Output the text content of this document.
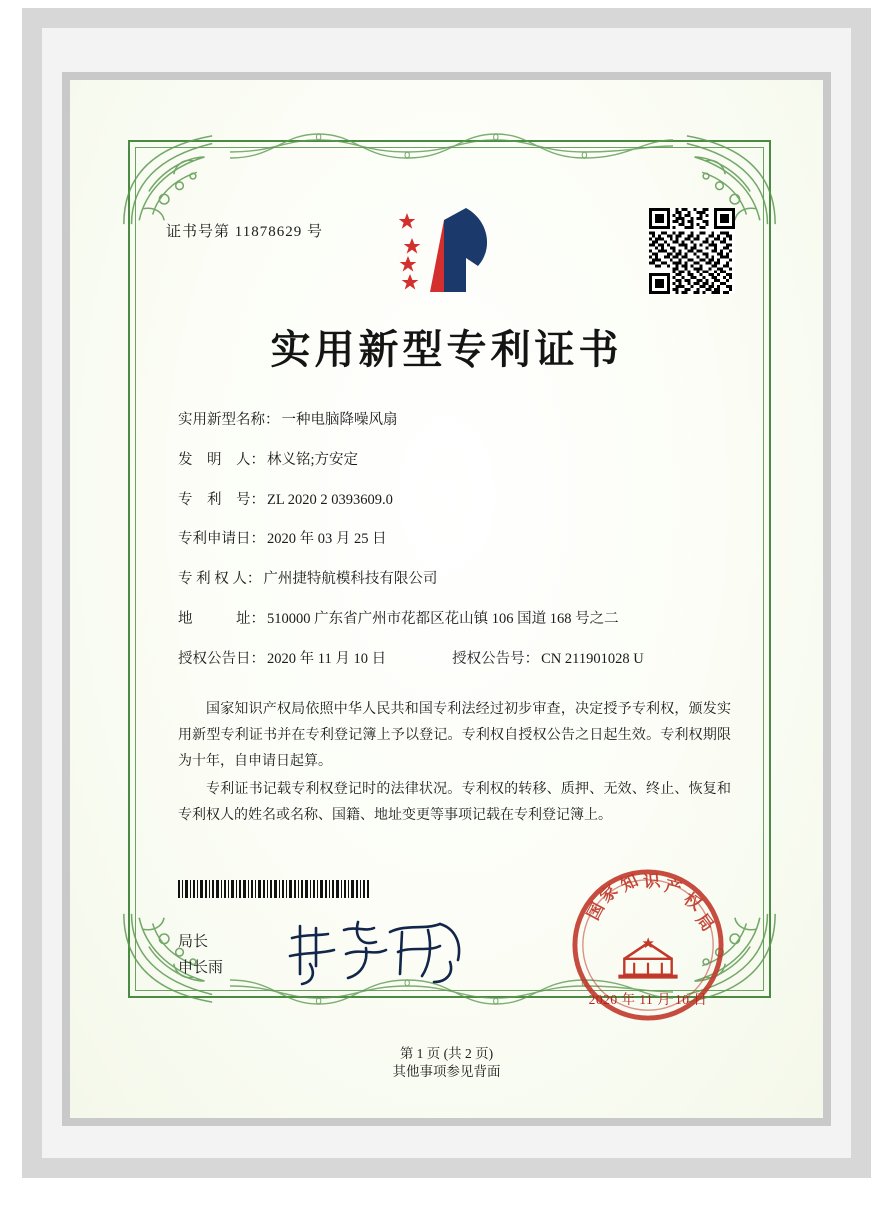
证书号第 11878629 号
实用新型专利证书
实用新型名称： 一种电脑降噪风扇
发　明　人： 林义铭;方安定
专　利　号： ZL 2020 2 0393609.0
专利申请日： 2020 年 03 月 25 日
专 利 权 人： 广州捷特航模科技有限公司
地　　　址： 510000 广东省广州市花都区花山镇 106 国道 168 号之二
授权公告日： 2020 年 11 月 10 日	授权公告号： CN 211901028 U

国家知识产权局依照中华人民共和国专利法经过初步审查，决定授予专利权，颁发实用新型专利证书并在专利登记簿上予以登记。专利权自授权公告之日起生效。专利权期限为十年，自申请日起算。

专利证书记载专利权登记时的法律状况。专利权的转移、质押、无效、终止、恢复和专利权人的姓名或名称、国籍、地址变更等事项记载在专利登记簿上。

局长
申长雨
国
家
知 识 产
权
局
2020 年 11 月 10 日
第 1 页 (共 2 页)
其他事项参见背面
